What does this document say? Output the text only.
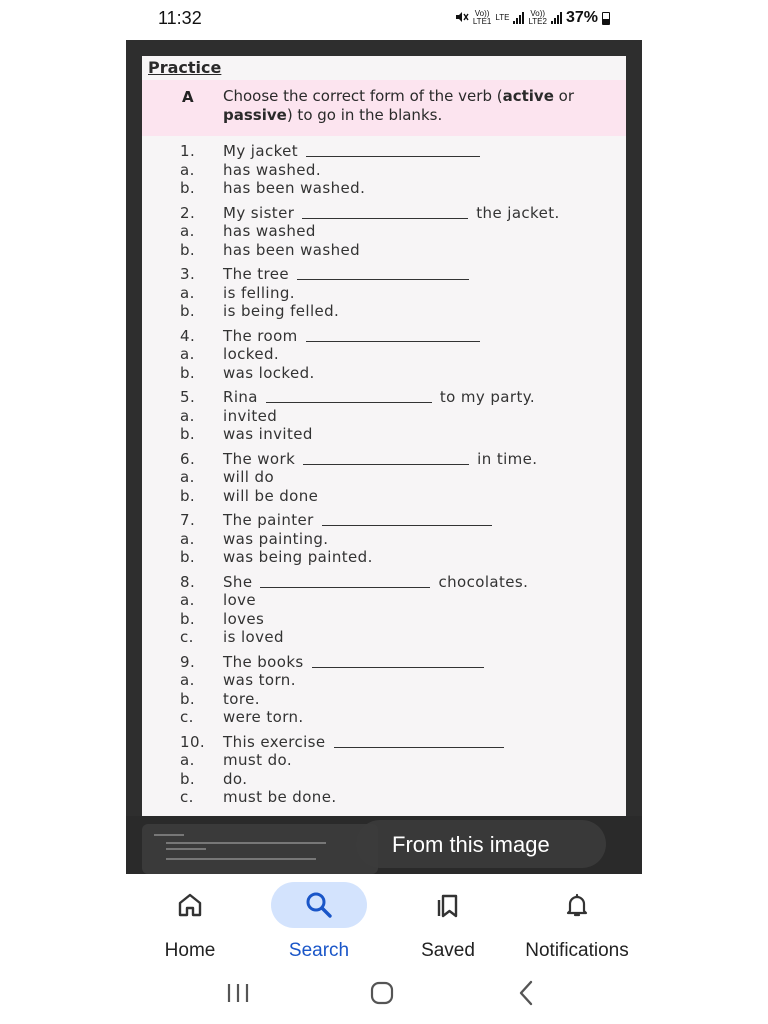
11:32	Vo))
LTE1 LTE	Vo))
LTE2 37%
Practice
A Choose the correct form of the verb (active or passive) to go in the blanks.
1.	My jacket
a.	has washed.
b.	has been washed.
2.	My sister	the jacket.
a.	has washed
b.	has been washed
3.	The tree
a.	is felling.
b.	is being felled.
4.	The room
a.	locked.
b.	was locked.
5.	Rina	to my party.
a.	invited
b.	was invited
6.	The work	in time.
a.	will do
b.	will be done
7.	The painter
a.	was painting.
b.	was being painted.
8.	She	chocolates.
a.	love
b.	loves
c.	is loved
9.	The books
a.	was torn.
b.	tore.
c.	were torn.
10.	This exercise
a.	must do.
b.	do.
c.	must be done.
From this image
Home	Search	Saved	Notifications
